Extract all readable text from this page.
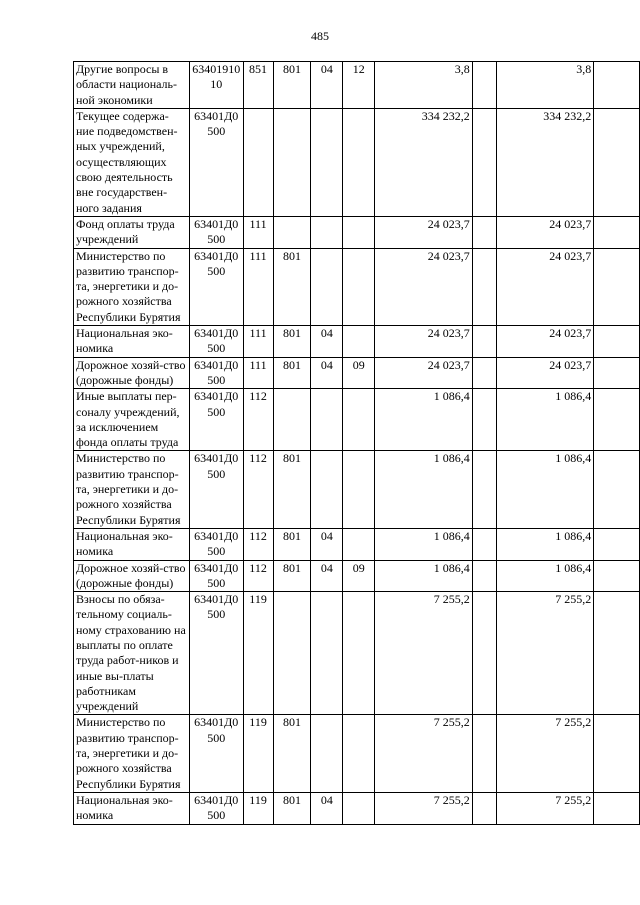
485
Другие вопросы в области националь-ной экономики	6340191010	851	801	04	12	3,8		3,8	
Текущее содержа-ние подведомствен-ных учреждений, осуществляющих свою деятельность вне государствен-ного задания	63401Д0500					334 232,2		334 232,2	
Фонд оплаты труда учреждений	63401Д0500	111				24 023,7		24 023,7	
Министерство по развитию транспор-та, энергетики и до-рожного хозяйства Республики Бурятия	63401Д0500	111	801			24 023,7		24 023,7	
Национальная эко-номика	63401Д0500	111	801	04		24 023,7		24 023,7	
Дорожное хозяй-ство (дорожные фонды)	63401Д0500	111	801	04	09	24 023,7		24 023,7	
Иные выплаты пер-соналу учреждений, за исключением фонда оплаты труда	63401Д0500	112				1 086,4		1 086,4	
Министерство по развитию транспор-та, энергетики и до-рожного хозяйства Республики Бурятия	63401Д0500	112	801			1 086,4		1 086,4	
Национальная эко-номика	63401Д0500	112	801	04		1 086,4		1 086,4	
Дорожное хозяй-ство (дорожные фонды)	63401Д0500	112	801	04	09	1 086,4		1 086,4	
Взносы по обяза-тельному социаль-ному страхованию на выплаты по оплате труда работ-ников и иные вы-платы работникам учреждений	63401Д0500	119				7 255,2		7 255,2	
Министерство по развитию транспор-та, энергетики и до-рожного хозяйства Республики Бурятия	63401Д0500	119	801			7 255,2		7 255,2	
Национальная эко-номика	63401Д0500	119	801	04		7 255,2		7 255,2	
